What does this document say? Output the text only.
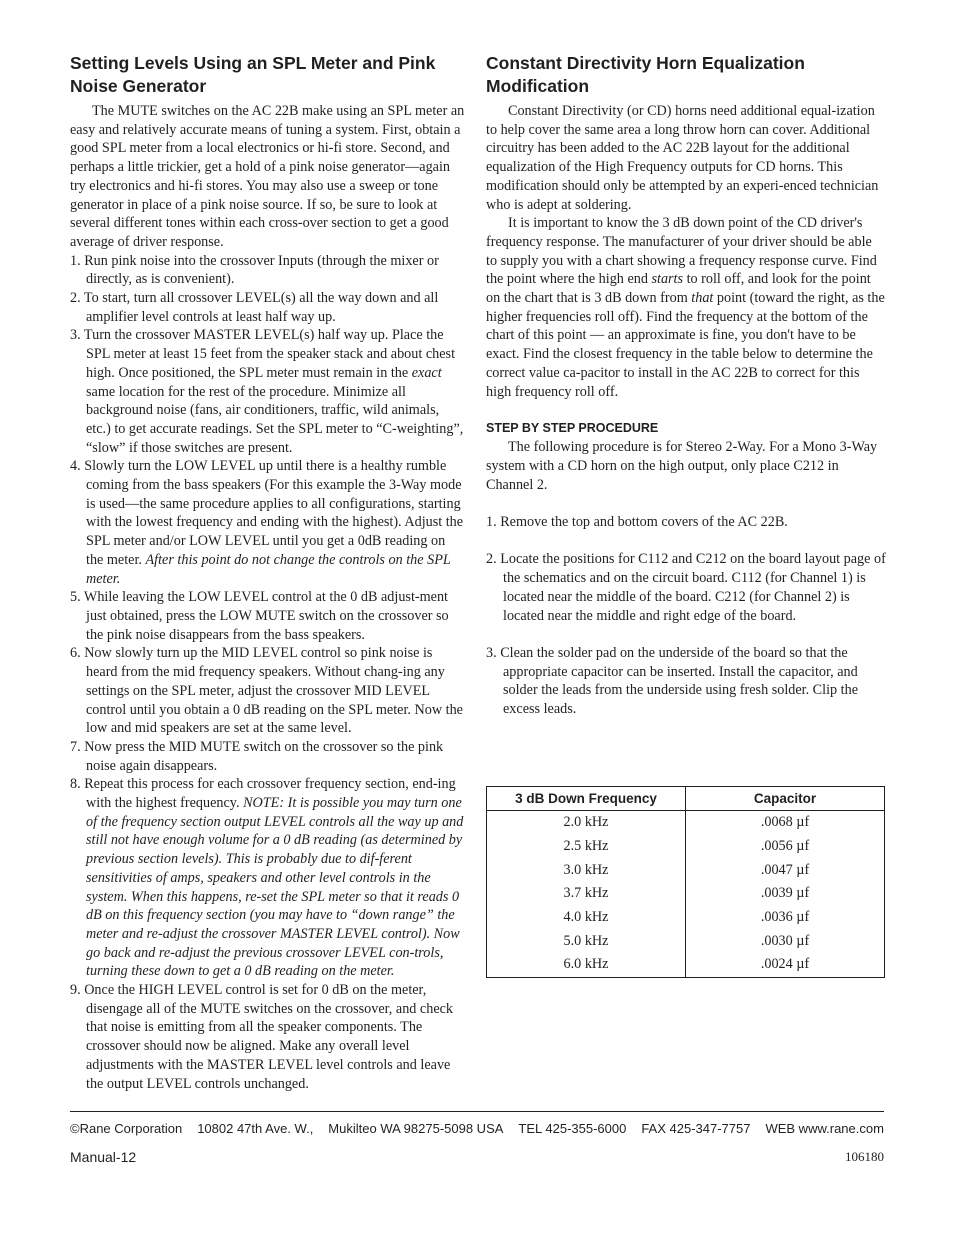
Setting Levels Using an SPL Meter and Pink Noise Generator

The MUTE switches on the AC 22B make using an SPL meter an easy and relatively accurate means of tuning a system. First, obtain a good SPL meter from a local electronics or hi-fi store. Second, and perhaps a little trickier, get a hold of a pink noise generator—again try electronics and hi-fi stores. You may also use a sweep or tone generator in place of a pink noise source. If so, be sure to look at several different tones within each cross-over section to get a good average of driver response.

1. Run pink noise into the crossover Inputs (through the mixer or directly, as is convenient).
2. To start, turn all crossover LEVEL(s) all the way down and all amplifier level controls at least half way up.
3. Turn the crossover MASTER LEVEL(s) half way up. Place the SPL meter at least 15 feet from the speaker stack and about chest high. Once positioned, the SPL meter must remain in the exact same location for the rest of the procedure. Minimize all background noise (fans, air conditioners, traffic, wild animals, etc.) to get accurate readings. Set the SPL meter to “C-weighting”, “slow” if those switches are present.
4. Slowly turn the LOW LEVEL up until there is a healthy rumble coming from the bass speakers (For this example the 3-Way mode is used—the same procedure applies to all configurations, starting with the lowest frequency and ending with the highest). Adjust the SPL meter and/or LOW LEVEL until you get a 0dB reading on the meter. After this point do not change the controls on the SPL meter.
5. While leaving the LOW LEVEL control at the 0 dB adjust-ment just obtained, press the LOW MUTE switch on the crossover so the pink noise disappears from the bass speakers.
6. Now slowly turn up the MID LEVEL control so pink noise is heard from the mid frequency speakers. Without chang-ing any settings on the SPL meter, adjust the crossover MID LEVEL control until you obtain a 0 dB reading on the SPL meter. Now the low and mid speakers are set at the same level.
7. Now press the MID MUTE switch on the crossover so the pink noise again disappears.
8. Repeat this process for each crossover frequency section, end-ing with the highest frequency. NOTE: It is possible you may turn one of the frequency section output LEVEL controls all the way up and still not have enough volume for a 0 dB reading (as determined by previous section levels). This is probably due to dif-ferent sensitivities of amps, speakers and other level controls in the system. When this happens, re-set the SPL meter so that it reads 0 dB on this frequency section (you may have to “down range” the meter and re-adjust the crossover MASTER LEVEL control). Now go back and re-adjust the previous crossover LEVEL con-trols, turning these down to get a 0 dB reading on the meter.
9. Once the HIGH LEVEL control is set for 0 dB on the meter, disengage all of the MUTE switches on the crossover, and check that noise is emitting from all the speaker components. The crossover should now be aligned. Make any overall level adjustments with the MASTER LEVEL level controls and leave the output LEVEL controls unchanged.
Constant Directivity Horn Equalization Modification

Constant Directivity (or CD) horns need additional equal-ization to help cover the same area a long throw horn can cover. Additional circuitry has been added to the AC 22B layout for the additional equalization of the High Frequency outputs for CD horns. This modification should only be attempted by an experi-enced technician who is adept at soldering.

It is important to know the 3 dB down point of the CD driver's frequency response. The manufacturer of your driver should be able to supply you with a chart showing a frequency response curve. Find the point where the high end starts to roll off, and look for the point on the chart that is 3 dB down from that point (toward the right, as the higher frequencies roll off). Find the frequency at the bottom of the chart of this point — an approximate is fine, you don't have to be exact. Find the closest frequency in the table below to determine the correct value ca-pacitor to install in the AC 22B to correct for this high frequency roll off.

STEP BY STEP PROCEDURE

The following procedure is for Stereo 2-Way. For a Mono 3-Way system with a CD horn on the high output, only place C212 in Channel 2.

1. Remove the top and bottom covers of the AC 22B.
2. Locate the positions for C112 and C212 on the board layout page of the schematics and on the circuit board. C112 (for Channel 1) is located near the middle of the board. C212 (for Channel 2) is located near the middle and right edge of the board.
3. Clean the solder pad on the underside of the board so that the appropriate capacitor can be inserted. Install the capacitor, and solder the leads from the underside using fresh solder. Clip the excess leads.
3 dB Down Frequency	Capacitor
2.0 kHz	.0068 µf
2.5 kHz	.0056 µf
3.0 kHz	.0047 µf
3.7 kHz	.0039 µf
4.0 kHz	.0036 µf
5.0 kHz	.0030 µf
6.0 kHz	.0024 µf
©Rane Corporation 10802 47th Ave. W., Mukilteo WA 98275-5098 USA TEL 425-355-6000 FAX 425-347-7757 WEB www.rane.com
Manual-12	106180
